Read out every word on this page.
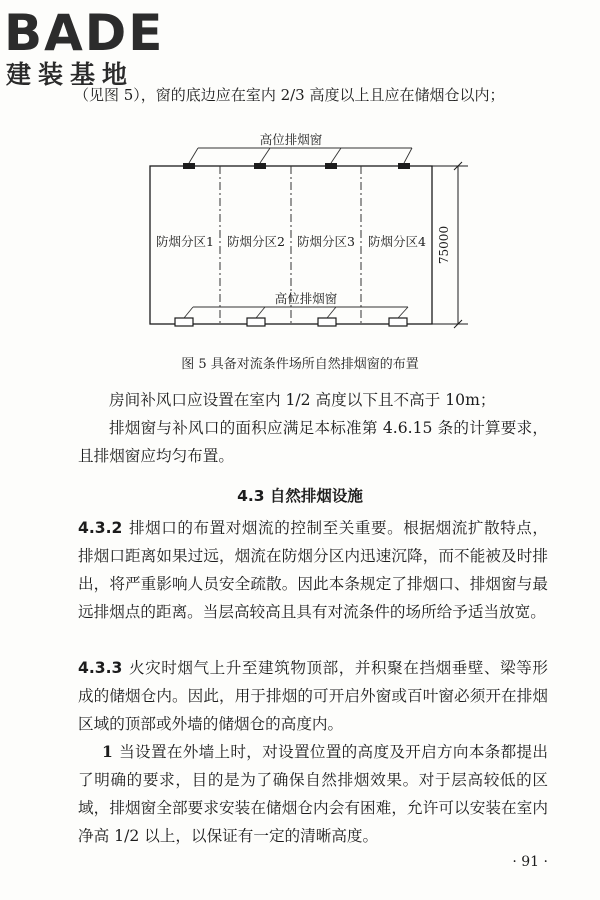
BADE
建装基地
（见图 5），窗的底边应在室内 2/3 高度以上且应在储烟仓以内；
高位排烟窗
防烟分区1 防烟分区2 防烟分区3 防烟分区4
高位排烟窗
75000
图 5 具备对流条件场所自然排烟窗的布置
房间补风口应设置在室内 1/2 高度以下且不高于 10m；
排烟窗与补风口的面积应满足本标准第 4.6.15 条的计算要求，且排烟窗应均匀布置。
4.3 自然排烟设施
4.3.2 排烟口的布置对烟流的控制至关重要。根据烟流扩散特点，排烟口距离如果过远，烟流在防烟分区内迅速沉降，而不能被及时排出，将严重影响人员安全疏散。因此本条规定了排烟口、排烟窗与最远排烟点的距离。当层高较高且具有对流条件的场所给予适当放宽。
4.3.3 火灾时烟气上升至建筑物顶部，并积聚在挡烟垂壁、梁等形成的储烟仓内。因此，用于排烟的可开启外窗或百叶窗必须开在排烟区域的顶部或外墙的储烟仓的高度内。
1 当设置在外墙上时，对设置位置的高度及开启方向本条都提出了明确的要求，目的是为了确保自然排烟效果。对于层高较低的区域，排烟窗全部要求安装在储烟仓内会有困难，允许可以安装在室内净高 1/2 以上，以保证有一定的清晰高度。
· 91 ·
